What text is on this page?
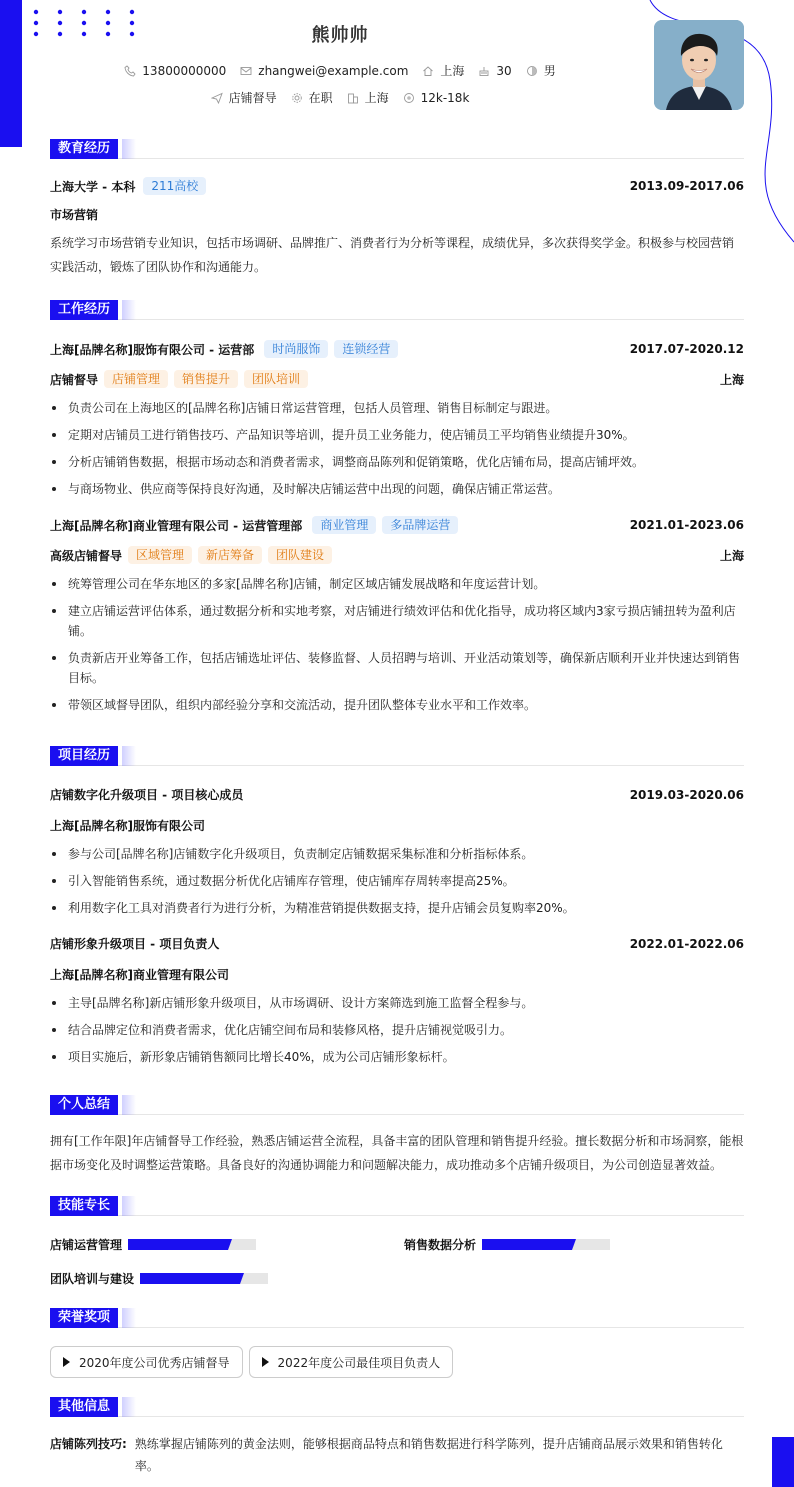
熊帅帅
13800000000	zhangwei@example.com	上海	30	男
店铺督导	在职	上海	12k-18k
教育经历
上海大学 - 本科	211高校	2013.09-2017.06
市场营销
系统学习市场营销专业知识，包括市场调研、品牌推广、消费者行为分析等课程，成绩优异，多次获得奖学金。积极参与校园营销实践活动，锻炼了团队协作和沟通能力。
工作经历
上海[品牌名称]服饰有限公司 - 运营部	时尚服饰	连锁经营	2017.07-2020.12
店铺督导	店铺管理	销售提升	团队培训	上海
负责公司在上海地区的[品牌名称]店铺日常运营管理，包括人员管理、销售目标制定与跟进。
定期对店铺员工进行销售技巧、产品知识等培训，提升员工业务能力，使店铺员工平均销售业绩提升30%。
分析店铺销售数据，根据市场动态和消费者需求，调整商品陈列和促销策略，优化店铺布局，提高店铺坪效。
与商场物业、供应商等保持良好沟通，及时解决店铺运营中出现的问题，确保店铺正常运营。
上海[品牌名称]商业管理有限公司 - 运营管理部	商业管理	多品牌运营	2021.01-2023.06
高级店铺督导	区域管理	新店筹备	团队建设	上海
统筹管理公司在华东地区的多家[品牌名称]店铺，制定区域店铺发展战略和年度运营计划。
建立店铺运营评估体系，通过数据分析和实地考察，对店铺进行绩效评估和优化指导，成功将区域内3家亏损店铺扭转为盈利店铺。
负责新店开业筹备工作，包括店铺选址评估、装修监督、人员招聘与培训、开业活动策划等，确保新店顺利开业并快速达到销售目标。
带领区域督导团队，组织内部经验分享和交流活动，提升团队整体专业水平和工作效率。
项目经历
店铺数字化升级项目 - 项目核心成员	2019.03-2020.06
上海[品牌名称]服饰有限公司
参与公司[品牌名称]店铺数字化升级项目，负责制定店铺数据采集标准和分析指标体系。
引入智能销售系统，通过数据分析优化店铺库存管理，使店铺库存周转率提高25%。
利用数字化工具对消费者行为进行分析，为精准营销提供数据支持，提升店铺会员复购率20%。
店铺形象升级项目 - 项目负责人	2022.01-2022.06
上海[品牌名称]商业管理有限公司
主导[品牌名称]新店铺形象升级项目，从市场调研、设计方案筛选到施工监督全程参与。
结合品牌定位和消费者需求，优化店铺空间布局和装修风格，提升店铺视觉吸引力。
项目实施后，新形象店铺销售额同比增长40%，成为公司店铺形象标杆。
个人总结
拥有[工作年限]年店铺督导工作经验，熟悉店铺运营全流程，具备丰富的团队管理和销售提升经验。擅长数据分析和市场洞察，能根据市场变化及时调整运营策略。具备良好的沟通协调能力和问题解决能力，成功推动多个店铺升级项目，为公司创造显著效益。
技能专长
店铺运营管理	销售数据分析
团队培训与建设
荣誉奖项
2020年度公司优秀店铺督导	2022年度公司最佳项目负责人
其他信息
店铺陈列技巧: 熟练掌握店铺陈列的黄金法则，能够根据商品特点和销售数据进行科学陈列，提升店铺商品展示效果和销售转化率。
